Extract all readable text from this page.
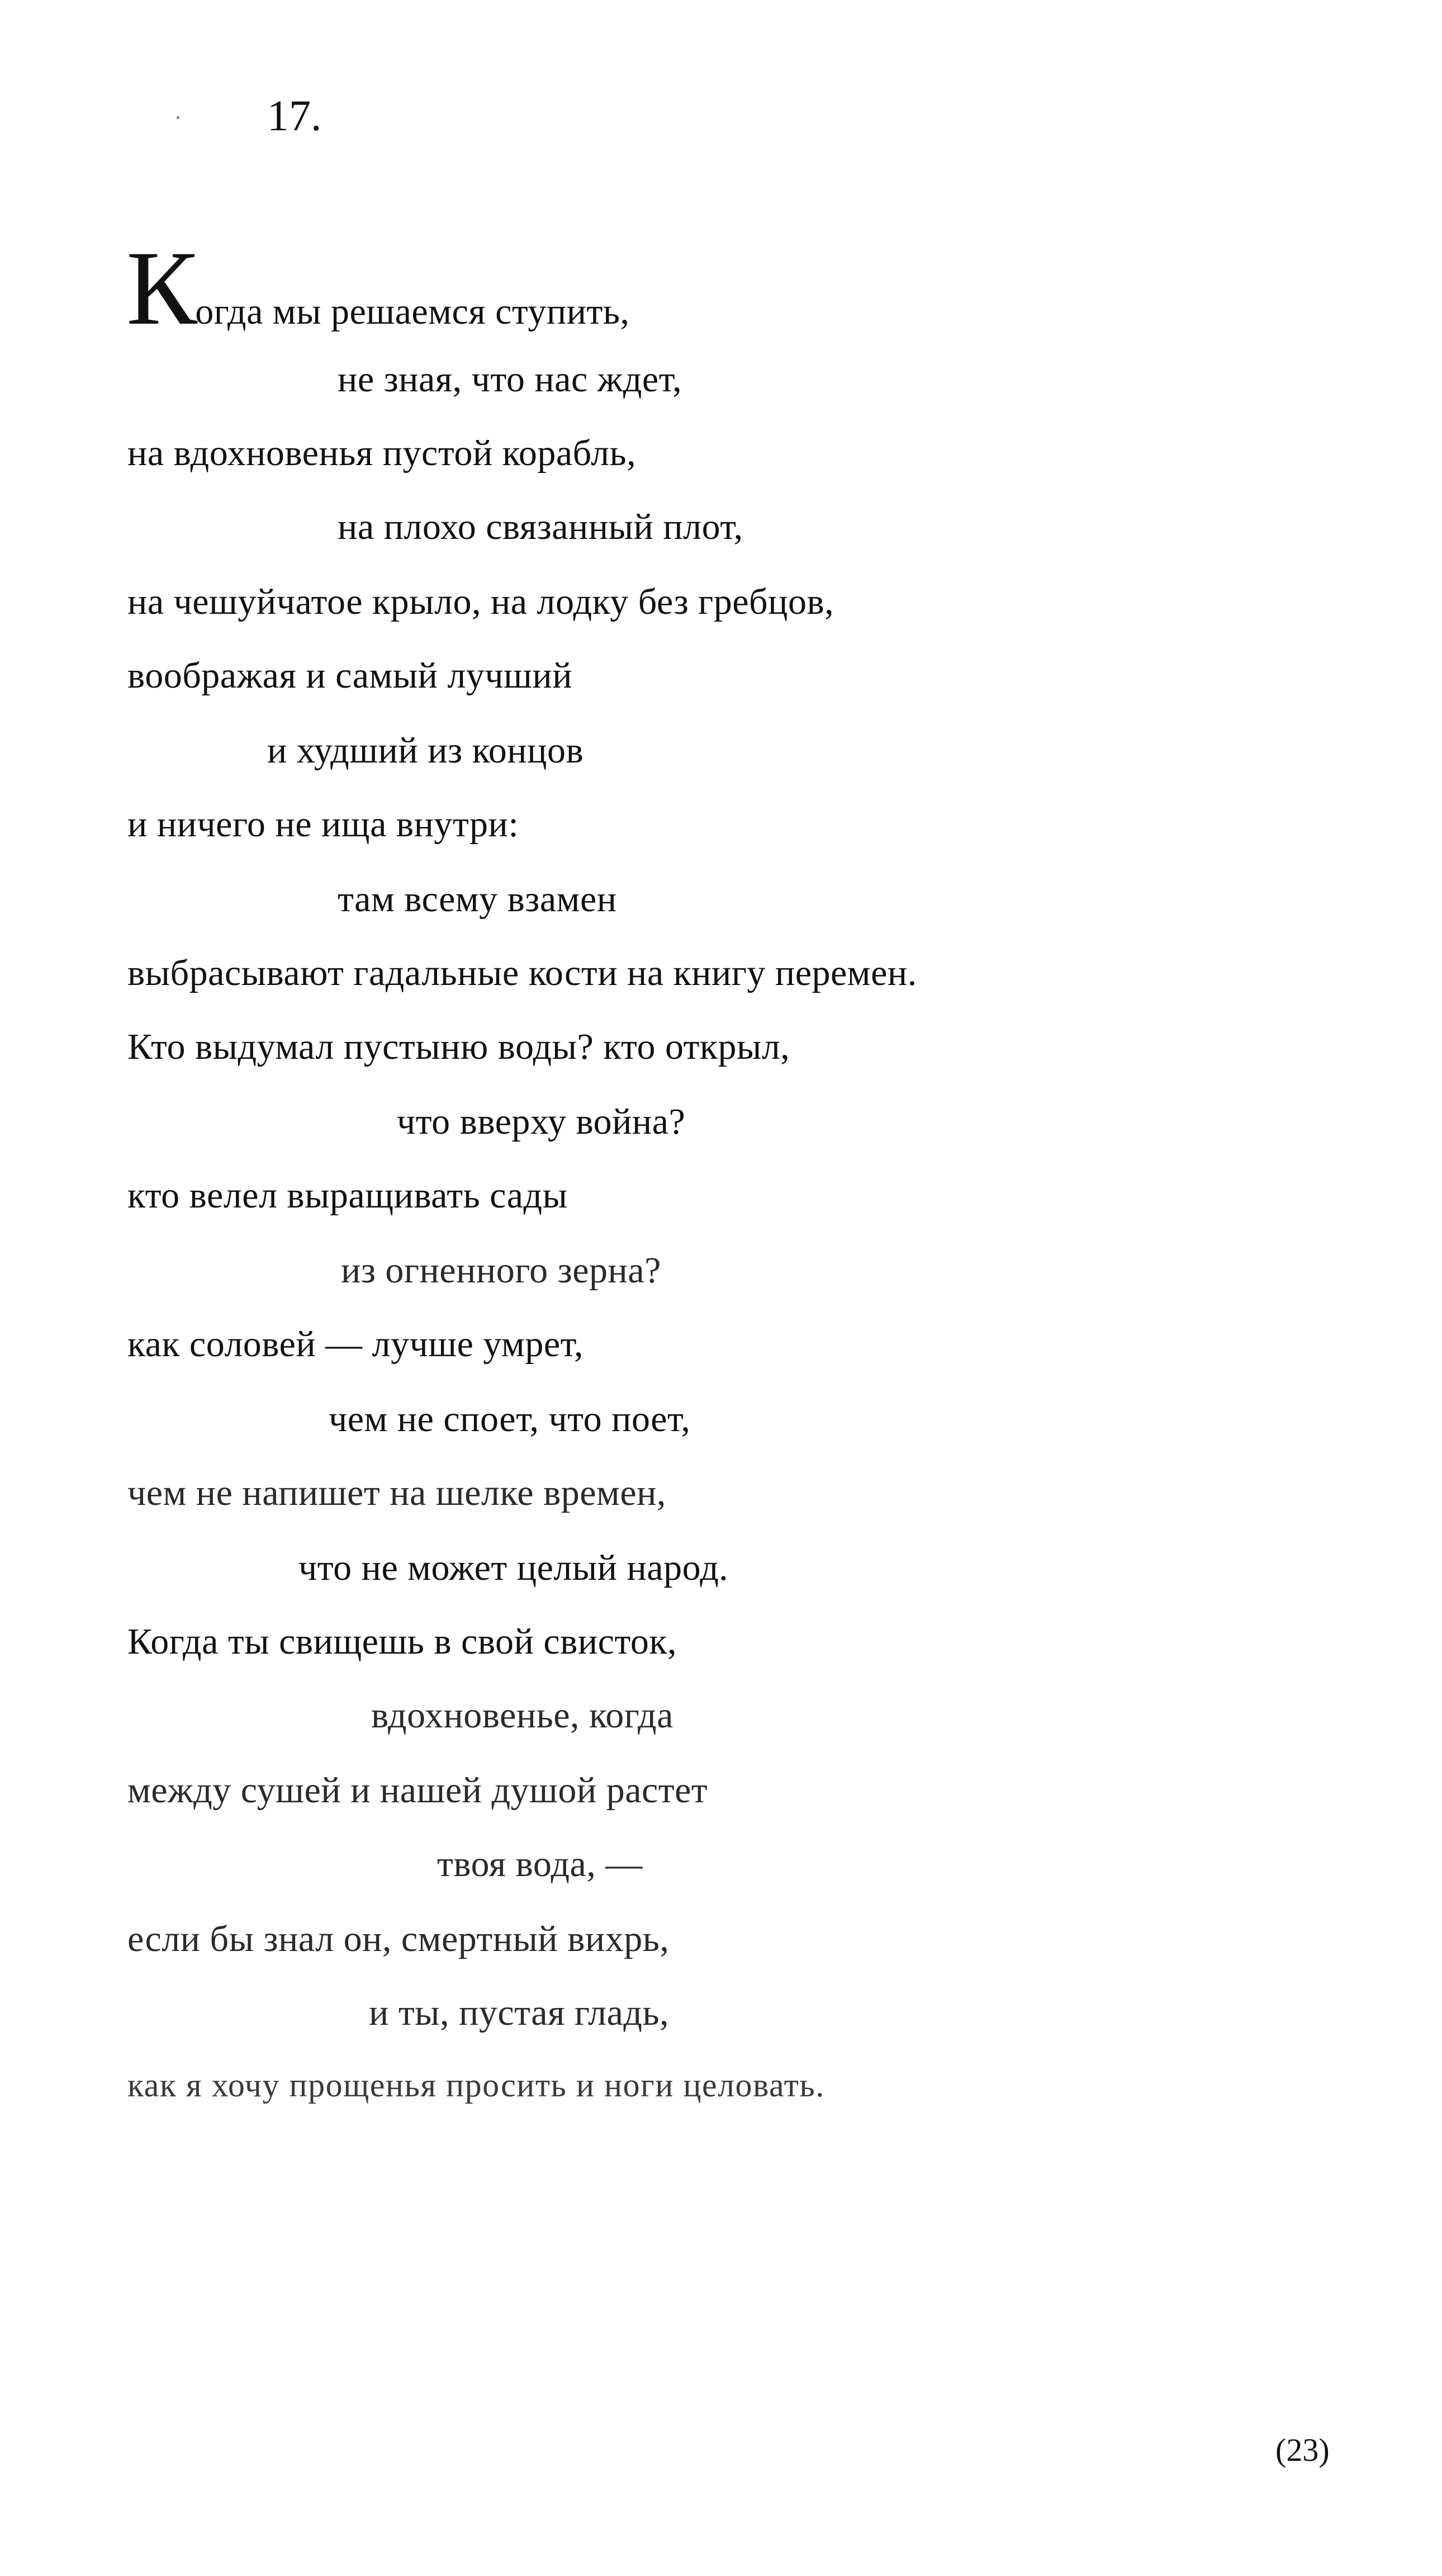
17.
Когда мы решаемся ступить,
не зная, что нас ждет,
на вдохновенья пустой корабль,
на плохо связанный плот,
на чешуйчатое крыло, на лодку без гребцов,
воображая и самый лучший
и худший из концов
и ничего не ища внутри:
там всему взамен
выбрасывают гадальные кости на книгу перемен.
Кто выдумал пустыню воды? кто открыл,
что вверху война?
кто велел выращивать сады
из огненного зерна?
как соловей — лучше умрет,
чем не споет, что поет,
чем не напишет на шелке времен,
что не может целый народ.
Когда ты свищешь в свой свисток,
вдохновенье, когда
между сушей и нашей душой растет
твоя вода, —
если бы знал он, смертный вихрь,
и ты, пустая гладь,
как я хочу прощенья просить и ноги целовать.
(23)
